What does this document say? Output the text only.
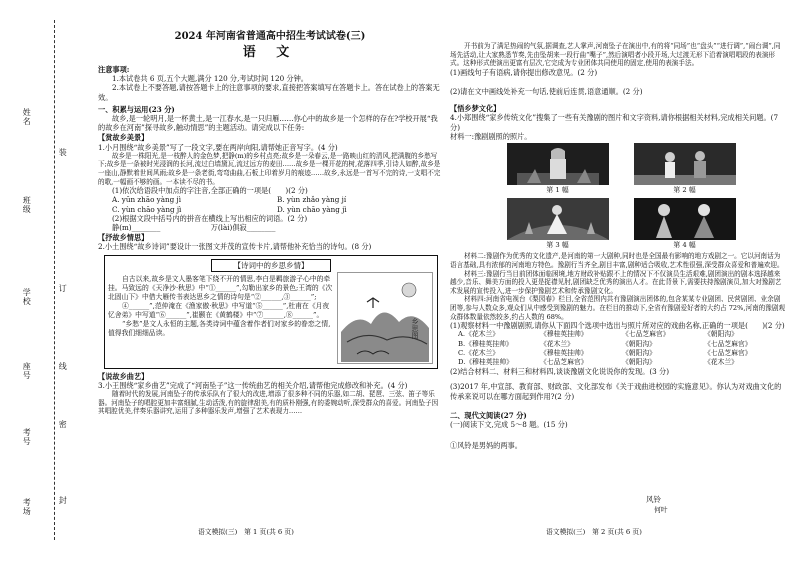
姓名
班级
学校
座号
考号
考场
装
订
线
密
封
2024 年河南省普通高中招生考试试卷(三)
语 文
注意事项:
1.本试卷共 6 页,五个大题,满分 120 分,考试时间 120 分钟。
2.本试卷上不要答题,请按答题卡上的注意事项的要求,直接把答案填写在答题卡上。答在试卷上的答案无效。
一、积累与运用(23 分)
故乡,是一轮明月,是一杯黄土,是一江春水,是一只归雁……你心中的故乡是一个怎样的存在?学校开展“我的故乡在河南”探寻故乡,触动情思”的主题活动。请完成以下任务:
【赏故乡美景】
1.小月围绕“故乡美景”写了一段文字,要在两岸向阳,请帮她正音写字。(4 分)
故乡是一株阳光,是一枝醉人的金色梦,把静(m)的乡村点亮;故乡是一朵春云,是一路映山红的清风,把满腹的乡愁写下;故乡是一条被时光浸润的长河,流过白墙黛瓦,流过远方的麦田……故乡是一棵开花的树,花落四季,引诗人如醉,故乡是一座山,静默着世间风雨;故乡是一条老街,弯弯曲曲,石板上印着岁月的痕迹……故乡,永远是一首写不完的诗,一支唱不完的歌,一幅画不够的画。一本读不尽的书。
(1)依次给语段中加点的字注音,全部正确的一项是(　　)(2 分)
A. yūn zhāo yàng jì	B. yùn zhǎo yàng jí
C. yùn chāo yàng jì	D. yùn chāo yàng jì
(2)根据文段中括号内的拼音在横线上写出相应的词语。(2 分)
静(m)________　　　　　　　万(lài)俱寂________
【抒故乡情思】
2.小土围绕“故乡诗词”要设计一张图文并茂的宣传卡片,请帮他补充恰当的诗句。(8 分)
【诗词中的乡思乡情】

自古以来,故乡是文人墨客笔下绕不开的情思,李白是羁旅游子心中的牵挂。马致远的《天净沙·秋思》中“①______”,勾勒出家乡的景色;王湾的《次北固山下》中借大雁传书表达思乡之情的诗句是“②______,③______”;

④______”,范仲淹在《渔家傲·秋思》中写道“⑤______”,杜甫在《月夜忆舍弟》中写道“⑥______”,崔颢在《黄鹤楼》中“⑦______,⑧______”。

“乡愁”是文人永恒的主题,各类诗词中蕴含着作者们对家乡的眷恋之情,值得我们细细品读。	乡思图
【说故乡曲艺】
3.小王围绕“家乡曲艺”完成了“河南坠子”这一传统曲艺的相关介绍,请帮他完成修改和补充。(4 分)
随着时代的发展,河南坠子的传承乐队有了很大的改进,增添了很多种不同的乐器,如二胡、琵琶、三弦、笛子等乐器。河南坠子的唱腔更加丰富细腻,生动活泼,有的旋律甜美,有的质朴刚强,有的委婉动听,深受群众的喜爱。河南坠子因其唱腔优美,伴奏乐器讲究,运用了多种器乐发声,增强了艺术表现力……
开书前为了满足热闹的气氛,据调查,艺人掌声,河南坠子在演出中,有的将“同场”也“盘头”“进行调”,“闹台调”,同场先活动,让大家熟悉节奏,先由坠胡来一段行曲“嘴子”,然后演唱者小段开场,大过渡无形下沿着演唱唱段的表演形式。这种形式使演出更富有层次,它完成为专业团体共同使用的固定,使用的表演手法。
(1)画线句子有语病,请你提出修改意见。(2 分)
(2)请在文中画线处补充一句话,使前后连贯,语意通顺。(2 分)
【悟乡梦文化】
4.小郑围绕“家乡传统文化”搜集了一些有关豫剧的图片和文字资料,请你根据相关材料,完成相关问题。(7 分)
材料一:豫剧剧照的照片。
第 1 幅	第 2 幅
第 3 幅	第 4 幅
材料二:豫剧作为优秀的文化遗产,是河南的第一大剧种,同时也是全国最有影响的地方戏剧之一。它以河南话为语言基础,具有浓郁的河南地方特色。豫剧行当齐全,剧目丰富,剧种适合吸收,艺术性很强,深受群众喜爱和普遍欢迎。
材料三:豫剧行当目前团体面临困境,地方财政补贴跟不上的情况下不仅演员生活艰难,剧团演出的剧本选择越来越少,音乐、舞美方面的投入更是捉襟见肘,剧团缺乏优秀的演出人才。在此背景下,需要扶持豫剧演员,加大对豫剧艺术发展的宣传投入,进一步保护豫剧艺术和传承豫剧文化。
材料四:河南省电视台《梨园春》栏目,全省范围内共有豫剧演出团体的,包含某某专业剧团、民营剧团、业余剧团等,参与人数众多,观众们从中感受到豫剧的魅力。在栏目的推动下,全省有豫剧爱好者的大约占 72%,河南的豫剧观众群体数量依然较多,约占人数的 68%。
(1)观察材料一中豫剧剧照,请你从下面四个选项中选出与照片所对应的戏曲名称,正确的一项是(　　)(2 分)
A.《花木兰》	《穆桂英挂帅》	《七品芝麻官》	《朝阳沟》
B.《穆桂英挂帅》	《花木兰》	《朝阳沟》	《七品芝麻官》
C.《花木兰》	《穆桂英挂帅》	《朝阳沟》	《七品芝麻官》
D.《穆桂英挂帅》	《七品芝麻官》	《朝阳沟》	《花木兰》
(2)结合材料二、材料三和材料四,谈谈豫剧文化说说你的发现。(3 分)
(3)2017 年,中宣部、教育部、财政部、文化部发布《关于戏曲进校园的实施意见》。你认为对戏曲文化的传承来说可以在哪方面起到作用?(2 分)
二、现代文阅读(27 分)
(一)阅读下文,完成 5～8 题。(15 分)
①风铃是男妈的两事。
风铃
何叶
语文模拟(三)　第 1 页(共 6 页)	语文模拟(三)　第 2 页(共 6 页)
